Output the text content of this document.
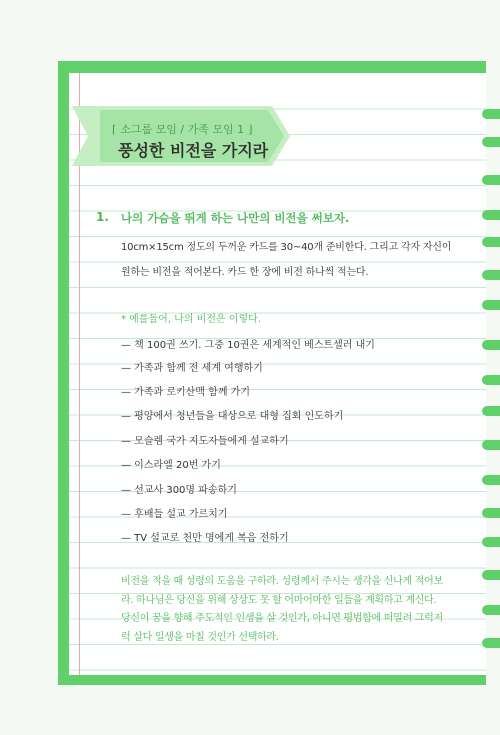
⌈ 소그룹 모임 / 가족 모임 1 ⌋
풍성한 비전을 가지라
1. 나의 가슴을 뛰게 하는 나만의 비전을 써보자.
10cm×15cm 정도의 두꺼운 카드를 30~40개 준비한다. 그리고 각자 자신이
원하는 비전을 적어본다. 카드 한 장에 비전 하나씩 적는다.
* 예를들어, 나의 비전은 이렇다.
— 책 100권 쓰기. 그중 10권은 세계적인 베스트셀러 내기
— 가족과 함께 전 세계 여행하기
— 가족과 로키산맥 함께 가기
— 평양에서 청년들을 대상으로 대형 집회 인도하기
— 모슬렘 국가 지도자들에게 설교하기
— 이스라엘 20번 가기
— 선교사 300명 파송하기
— 후배들 설교 가르치기
— TV 설교로 천만 명에게 복음 전하기
비전을 적을 때 성령의 도움을 구하라. 성령께서 주시는 생각을 신나게 적어보
라. 하나님은 당신을 위해 상상도 못 할 어마어마한 일들을 계획하고 계신다.
당신이 꿈을 향해 주도적인 인생을 살 것인가, 아니면 평범함에 떠밀려 그럭저
럭 살다 일생을 마칠 것인가 선택하라.
